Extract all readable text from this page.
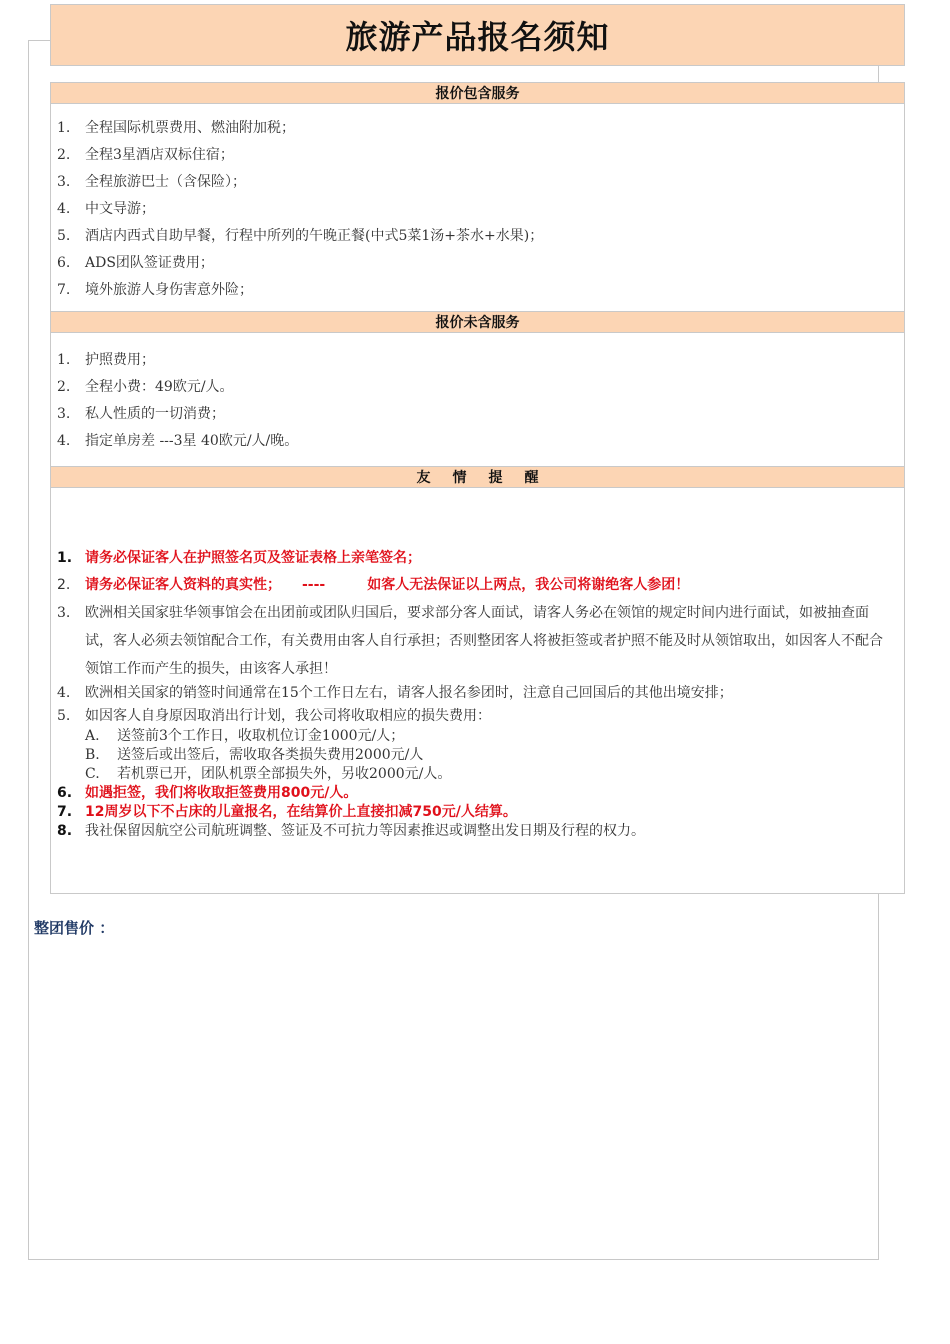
旅游产品报名须知
报价包含服务
1.	全程国际机票费用、燃油附加税；
2.	全程3星酒店双标住宿；
3.	全程旅游巴士（含保险）；
4.	中文导游；
5.	酒店内西式自助早餐，行程中所列的午晚正餐(中式5菜1汤+茶水+水果)；
6.	ADS团队签证费用；
7.	境外旅游人身伤害意外险；
报价未含服务
1.	护照费用；
2.	全程小费：49欧元/人。
3.	私人性质的一切消费；
4.	指定单房差 ---3星 40欧元/人/晚。
友情提醒
1. 请务必保证客人在护照签名页及签证表格上亲笔签名；
2.	请务必保证客人资料的真实性；　　----　　　如客人无法保证以上两点，我公司将谢绝客人参团！
3.	欧洲相关国家驻华领事馆会在出团前或团队归国后，要求部分客人面试，请客人务必在领馆的规定时间内进行面试，如被抽查面试，客人必须去领馆配合工作，有关费用由客人自行承担；否则整团客人将被拒签或者护照不能及时从领馆取出，如因客人不配合领馆工作而产生的损失，由该客人承担！
4.	欧洲相关国家的销签时间通常在15个工作日左右，请客人报名参团时，注意自己回国后的其他出境安排；
5.	如因客人自身原因取消出行计划，我公司将收取相应的损失费用：
A. 送签前3个工作日，收取机位订金1000元/人；
B. 送签后或出签后，需收取各类损失费用2000元/人
C. 若机票已开，团队机票全部损失外，另收2000元/人。
6. 如遇拒签，我们将收取拒签费用800元/人。
7. 12周岁以下不占床的儿童报名，在结算价上直接扣减750元/人结算。
8. 我社保留因航空公司航班调整、签证及不可抗力等因素推迟或调整出发日期及行程的权力。
整团售价 ：
